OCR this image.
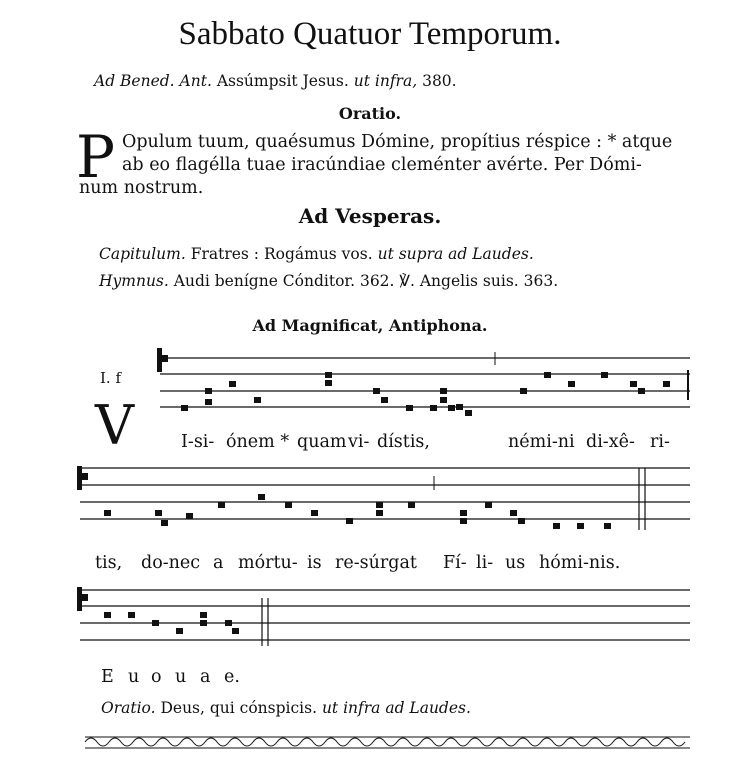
Sabbato Quatuor Temporum.
Ad Bened. Ant. Assúmpsit Jesus. ut infra, 380.
Oratio.
P Opulum tuum, quaésumus Dómine, propítius réspice : * atque
ab eo flagélla tuae iracúndiae cleménter avérte. Per Dómi-
num nostrum.
Ad Vesperas.
Capitulum. Fratres : Rogámus vos. ut supra ad Laudes.
Hymnus. Audi benígne Cónditor. 362. ℣. Angelis suis. 363.
Ad Magnificat, Antiphona.
I. f
V	I-si- ónem * quam vi- dístis,	némi-ni di-xê- ri-
tis, do-nec a mórtu- is re-súrgat Fí- li- us hómi-nis.
E u o u a e.
Oratio. Deus, qui cónspicis. ut infra ad Laudes.
